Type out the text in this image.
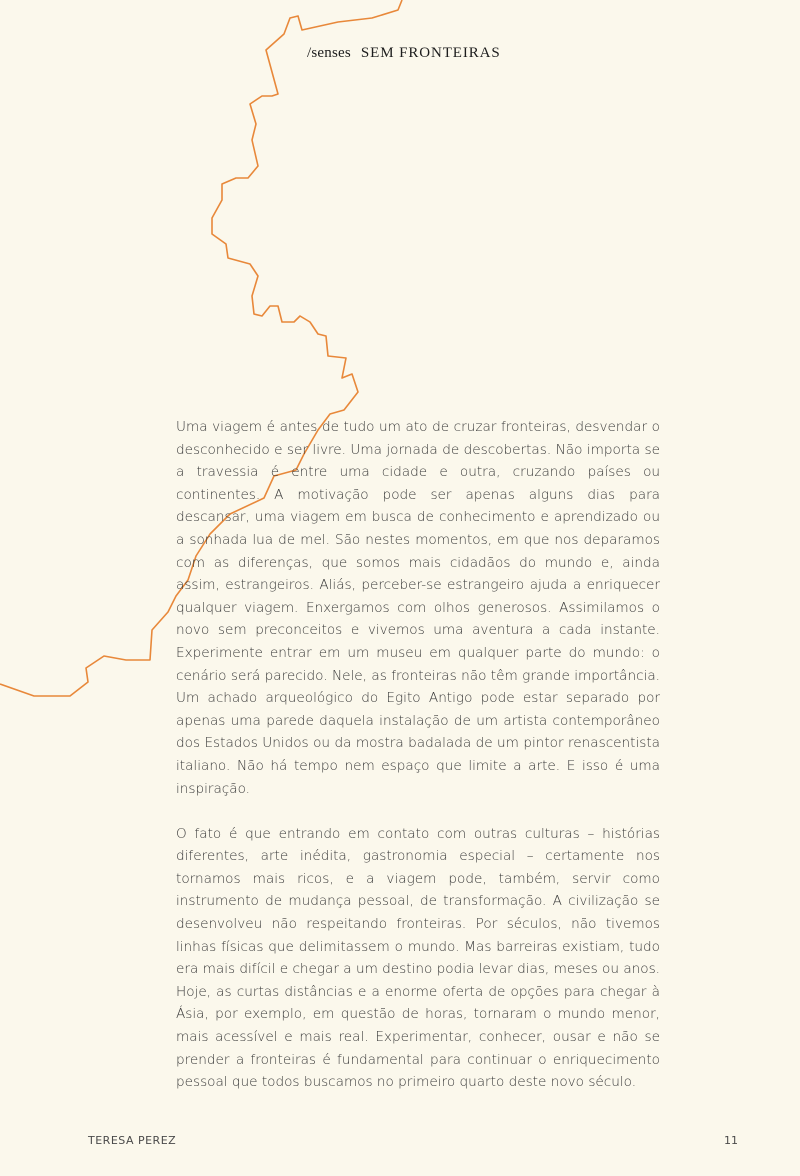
/senses SEM FRONTEIRAS

Uma viagem é antes de tudo um ato de cruzar fronteiras, desvendar o desconhecido e ser livre. Uma jornada de descobertas. Não importa se a travessia é entre uma cidade e outra, cruzando países ou continentes. A motivação pode ser apenas alguns dias para descansar, uma viagem em busca de conhecimento e aprendizado ou a sonhada lua de mel. São nestes momentos, em que nos deparamos com as diferenças, que somos mais cidadãos do mundo e, ainda assim, estrangeiros. Aliás, perceber-se estrangeiro ajuda a enriquecer qualquer viagem. Enxergamos com olhos generosos. Assimilamos o novo sem preconceitos e vivemos uma aventura a cada instante. Experimente entrar em um museu em qualquer parte do mundo: o cenário será parecido. Nele, as fronteiras não têm grande importância. Um achado arqueológico do Egito Antigo pode estar separado por apenas uma parede daquela instalação de um artista contemporâneo dos Estados Unidos ou da mostra badalada de um pintor renascentista italiano. Não há tempo nem espaço que limite a arte. E isso é uma inspiração.

O fato é que entrando em contato com outras culturas – histórias diferentes, arte inédita, gastronomia especial – certamente nos tornamos mais ricos, e a viagem pode, também, servir como instrumento de mudança pessoal, de transformação. A civilização se desenvolveu não respeitando fronteiras. Por séculos, não tivemos linhas físicas que delimitassem o mundo. Mas barreiras existiam, tudo era mais difícil e chegar a um destino podia levar dias, meses ou anos. Hoje, as curtas distâncias e a enorme oferta de opções para chegar à Ásia, por exemplo, em questão de horas, tornaram o mundo menor, mais acessível e mais real. Experimentar, conhecer, ousar e não se prender a fronteiras é fundamental para continuar o enriquecimento pessoal que todos buscamos no primeiro quarto deste novo século.

TERESA PEREZ	11
